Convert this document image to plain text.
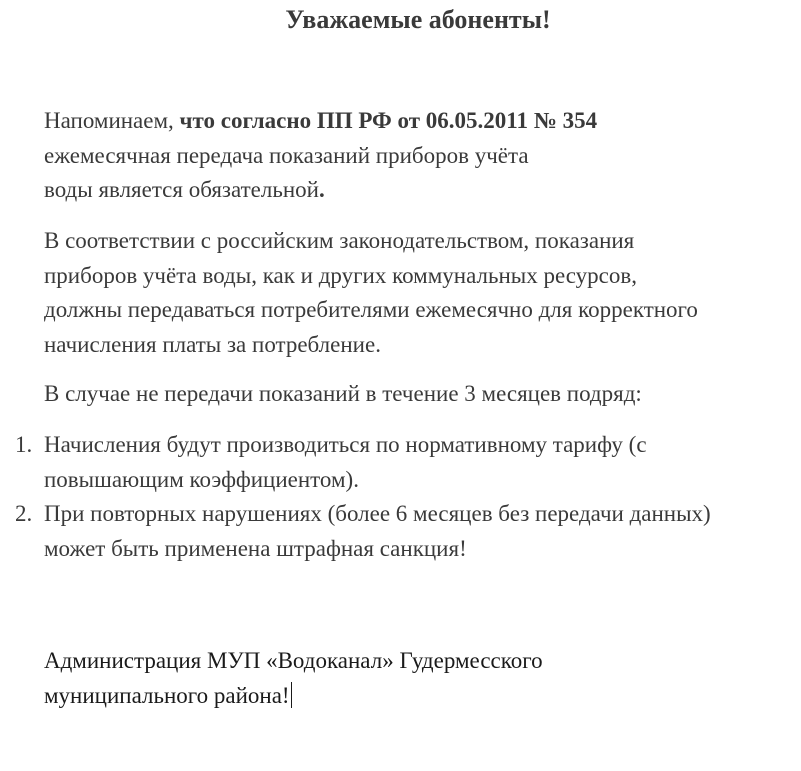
Уважаемые абоненты!
Напоминаем, что согласно ПП РФ от 06.05.2011 № 354
ежемесячная передача показаний приборов учёта
воды является обязательной.
В соответствии с российским законодательством, показания
приборов учёта воды, как и других коммунальных ресурсов,
должны передаваться потребителями ежемесячно для корректного
начисления платы за потребление.
В случае не передачи показаний в течение 3 месяцев подряд:
1. Начисления будут производиться по нормативному тарифу (с
повышающим коэффициентом).
2. При повторных нарушениях (более 6 месяцев без передачи данных)
может быть применена штрафная санкция!
Администрация МУП «Водоканал» Гудермесского
муниципального района!
